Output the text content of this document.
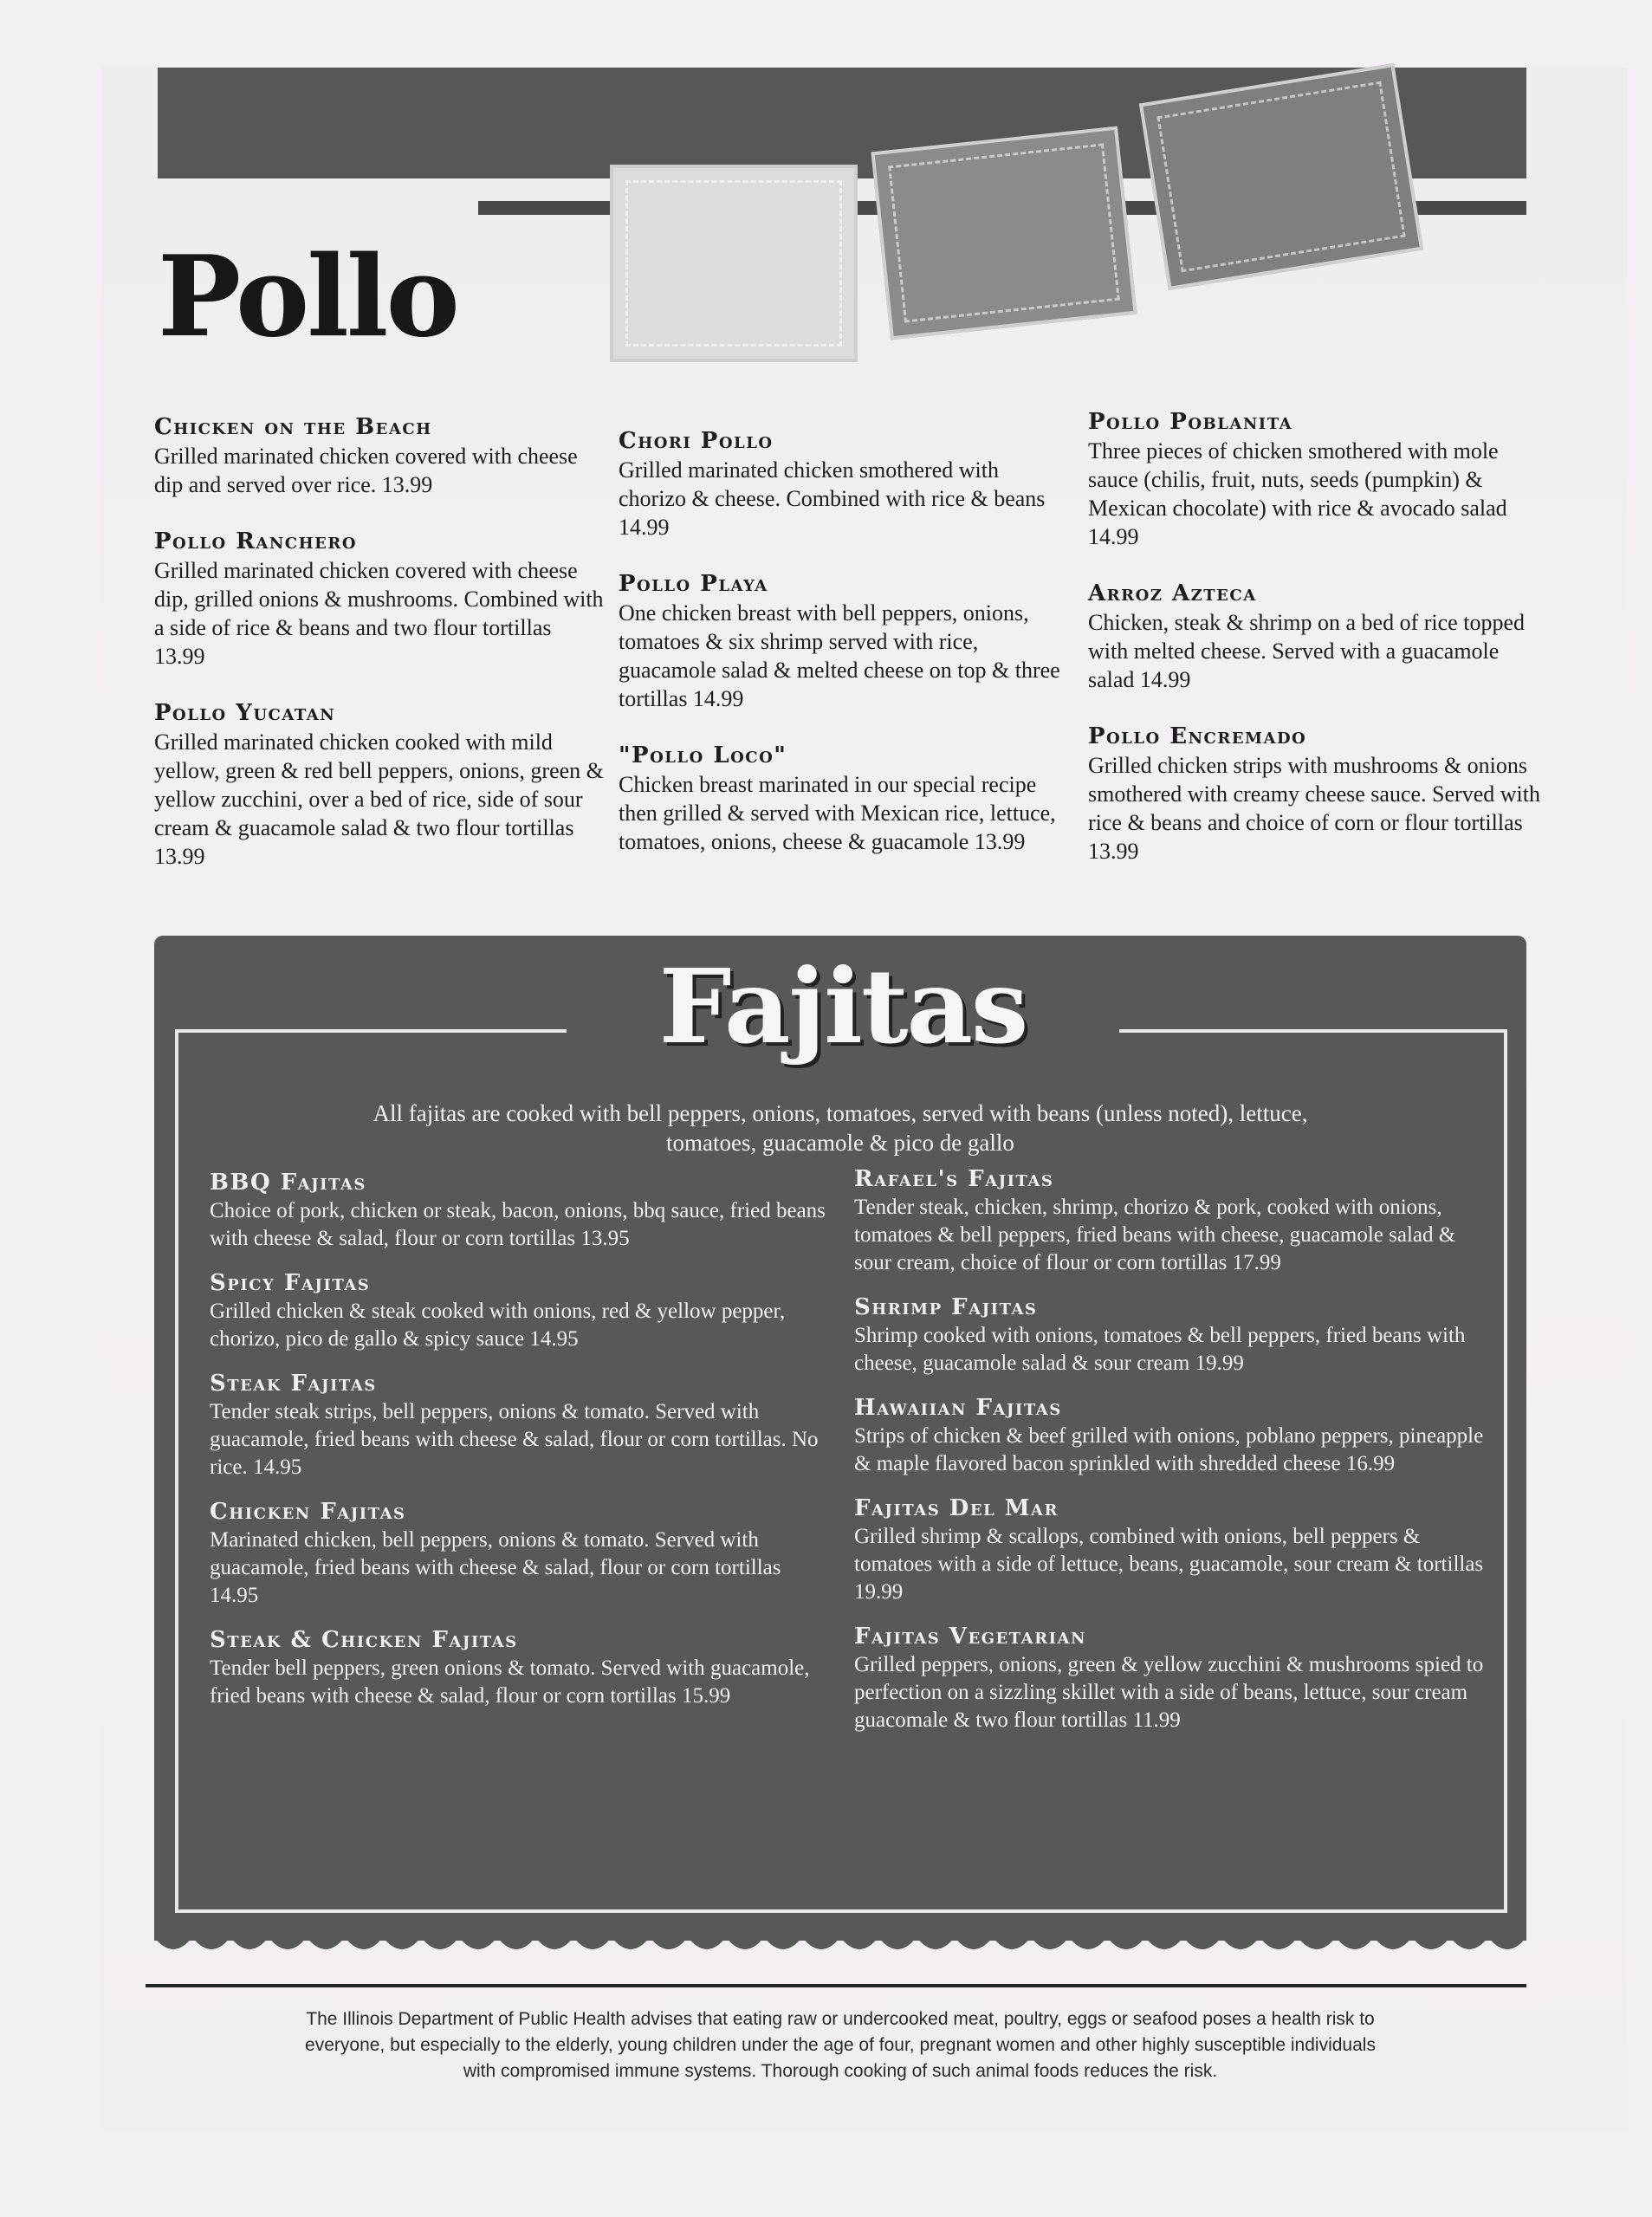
Pollo
Chicken on the Beach
Grilled marinated chicken covered with cheese dip and served over rice. 13.99
Pollo Ranchero
Grilled marinated chicken covered with cheese dip, grilled onions & mushrooms. Combined with a side of rice & beans and two flour tortillas 13.99
Pollo Yucatan
Grilled marinated chicken cooked with mild yellow, green & red bell peppers, onions, green & yellow zucchini, over a bed of rice, side of sour cream & guacamole salad & two flour tortillas 13.99
Chori Pollo
Grilled marinated chicken smothered with chorizo & cheese. Combined with rice & beans 14.99
Pollo Playa
One chicken breast with bell peppers, onions, tomatoes & six shrimp served with rice, guacamole salad & melted cheese on top & three tortillas 14.99
"Pollo Loco"
Chicken breast marinated in our special recipe then grilled & served with Mexican rice, lettuce, tomatoes, onions, cheese & guacamole 13.99
Pollo Poblanita
Three pieces of chicken smothered with mole sauce (chilis, fruit, nuts, seeds (pumpkin) & Mexican chocolate) with rice & avocado salad 14.99
Arroz Azteca
Chicken, steak & shrimp on a bed of rice topped with melted cheese. Served with a guacamole salad 14.99
Pollo Encremado
Grilled chicken strips with mushrooms & onions smothered with creamy cheese sauce. Served with rice & beans and choice of corn or flour tortillas 13.99
Fajitas
All fajitas are cooked with bell peppers, onions, tomatoes, served with beans (unless noted), lettuce, tomatoes, guacamole & pico de gallo
BBQ Fajitas
Choice of pork, chicken or steak, bacon, onions, bbq sauce, fried beans with cheese & salad, flour or corn tortillas 13.95
Spicy Fajitas
Grilled chicken & steak cooked with onions, red & yellow pepper, chorizo, pico de gallo & spicy sauce 14.95
Steak Fajitas
Tender steak strips, bell peppers, onions & tomato. Served with guacamole, fried beans with cheese & salad, flour or corn tortillas. No rice. 14.95
Chicken Fajitas
Marinated chicken, bell peppers, onions & tomato. Served with guacamole, fried beans with cheese & salad, flour or corn tortillas 14.95
Steak & Chicken Fajitas
Tender bell peppers, green onions & tomato. Served with guacamole, fried beans with cheese & salad, flour or corn tortillas 15.99
Rafael's Fajitas
Tender steak, chicken, shrimp, chorizo & pork, cooked with onions, tomatoes & bell peppers, fried beans with cheese, guacamole salad & sour cream, choice of flour or corn tortillas 17.99
Shrimp Fajitas
Shrimp cooked with onions, tomatoes & bell peppers, fried beans with cheese, guacamole salad & sour cream 19.99
Hawaiian Fajitas
Strips of chicken & beef grilled with onions, poblano peppers, pineapple & maple flavored bacon sprinkled with shredded cheese 16.99
Fajitas Del Mar
Grilled shrimp & scallops, combined with onions, bell peppers & tomatoes with a side of lettuce, beans, guacamole, sour cream & tortillas 19.99
Fajitas Vegetarian
Grilled peppers, onions, green & yellow zucchini & mushrooms spied to perfection on a sizzling skillet with a side of beans, lettuce, sour cream guacomale & two flour tortillas 11.99
The Illinois Department of Public Health advises that eating raw or undercooked meat, poultry, eggs or seafood poses a health risk to everyone, but especially to the elderly, young children under the age of four, pregnant women and other highly susceptible individuals with compromised immune systems. Thorough cooking of such animal foods reduces the risk.
